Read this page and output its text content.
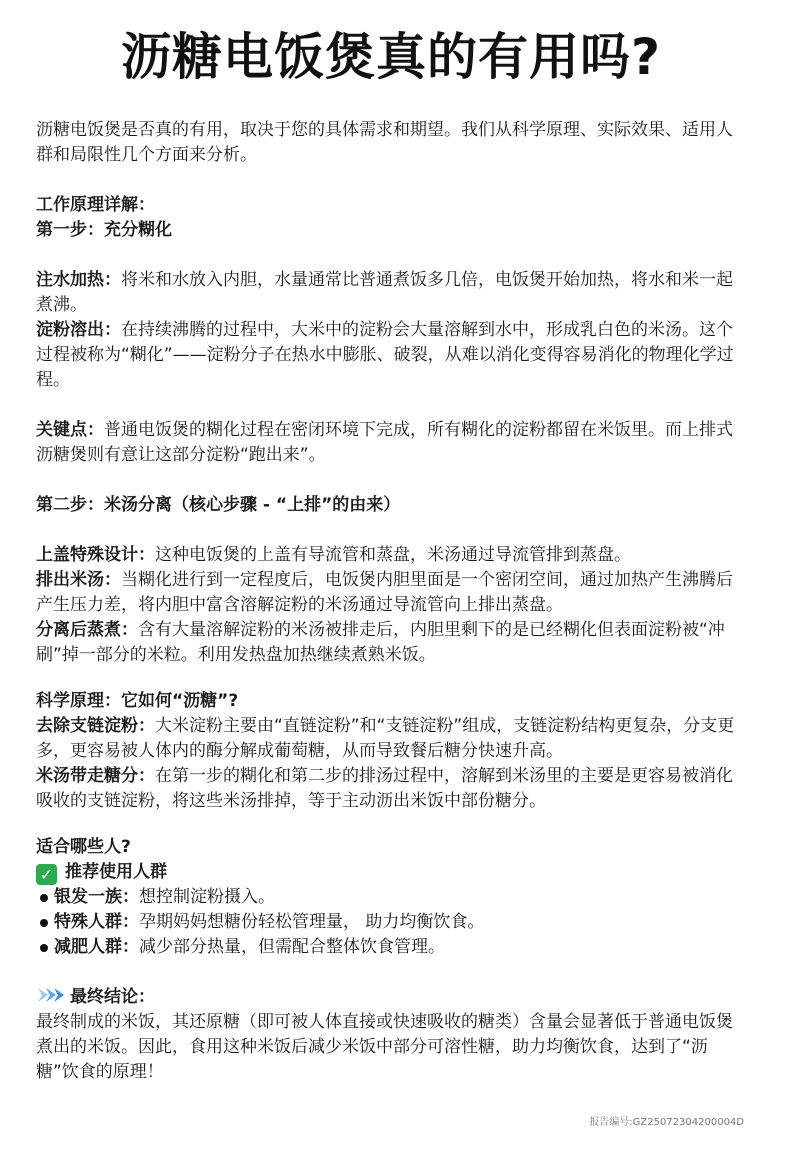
沥糖电饭煲真的有用吗?

沥糖电饭煲是否真的有用，取决于您的具体需求和期望。我们从科学原理、实际效果、适用人群和局限性几个方面来分析。

工作原理详解：

第一步：充分糊化

注水加热：将米和水放入内胆，水量通常比普通煮饭多几倍，电饭煲开始加热，将水和米一起煮沸。

淀粉溶出：在持续沸腾的过程中，大米中的淀粉会大量溶解到水中，形成乳白色的米汤。这个过程被称为“糊化”——淀粉分子在热水中膨胀、破裂，从难以消化变得容易消化的物理化学过程。

关键点：普通电饭煲的糊化过程在密闭环境下完成，所有糊化的淀粉都留在米饭里。而上排式沥糖煲则有意让这部分淀粉“跑出来”。

第二步：米汤分离（核心步骤 - “上排”的由来）

上盖特殊设计：这种电饭煲的上盖有导流管和蒸盘，米汤通过导流管排到蒸盘。

排出米汤：当糊化进行到一定程度后，电饭煲内胆里面是一个密闭空间，通过加热产生沸腾后产生压力差，将内胆中富含溶解淀粉的米汤通过导流管向上排出蒸盘。

分离后蒸煮：含有大量溶解淀粉的米汤被排走后，内胆里剩下的是已经糊化但表面淀粉被“冲刷”掉一部分的米粒。利用发热盘加热继续煮熟米饭。

科学原理：它如何“沥糖”?

去除支链淀粉：大米淀粉主要由“直链淀粉”和“支链淀粉”组成，支链淀粉结构更复杂，分支更多，更容易被人体内的酶分解成葡萄糖，从而导致餐后糖分快速升高。

米汤带走糖分：在第一步的糊化和第二步的排汤过程中，溶解到米汤里的主要是更容易被消化吸收的支链淀粉，将这些米汤排掉，等于主动沥出米饭中部份糖分。

适合哪些人?

✓ 推荐使用人群

银发一族：想控制淀粉摄入。
特殊人群：孕期妈妈想糖份轻松管理量， 助力均衡饮食。
减肥人群：减少部分热量，但需配合整体饮食管理。

最终结论：

最终制成的米饭，其还原糖（即可被人体直接或快速吸收的糖类）含量会显著低于普通电饭煲煮出的米饭。因此，食用这种米饭后减少米饭中部分可溶性糖，助力均衡饮食，达到了“沥糖”饮食的原理！

报告编号:GZ25072304200004D
